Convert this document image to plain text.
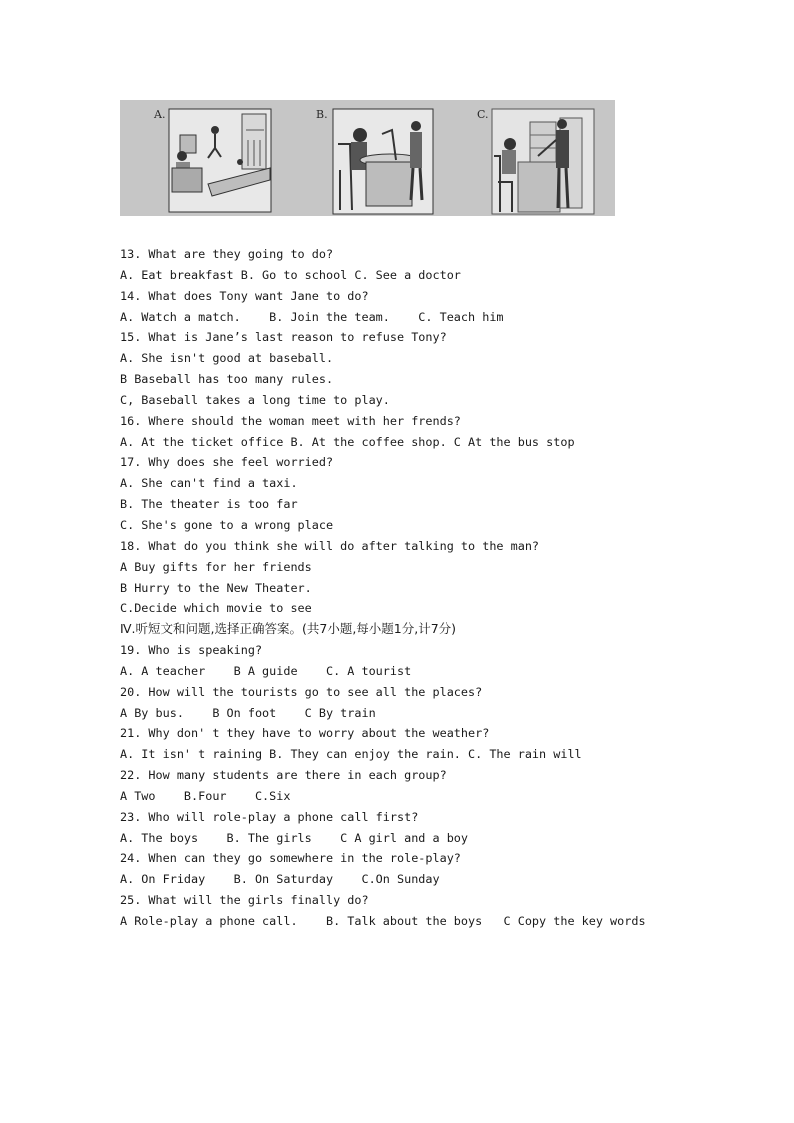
A.	B.	C.
13. What are they going to do?
A. Eat breakfast B. Go to school C. See a doctor
14. What does Tony want Jane to do?
A. Watch a match.    B. Join the team.    C. Teach him
15. What is Jane’s last reason to refuse Tony?
A. She isn't good at baseball.
B Baseball has too many rules.
C, Baseball takes a long time to play.
16. Where should the woman meet with her frends?
A. At the ticket office B. At the coffee shop. C At the bus stop
17. Why does she feel worried?
A. She can't find a taxi.
B. The theater is too far
C. She's gone to a wrong place
18. What do you think she will do after talking to the man?
A Buy gifts for her friends
B Hurry to the New Theater.
C.Decide which movie to see
Ⅳ.听短文和问题,选择正确答案。(共7小题,每小题1分,计7分)
19. Who is speaking?
A. A teacher    B A guide    C. A tourist
20. How will the tourists go to see all the places?
A By bus.    B On foot    C By train
21. Why don' t they have to worry about the weather?
A. It isn' t raining B. They can enjoy the rain. C. The rain will
22. How many students are there in each group?
A Two    B.Four    C.Six
23. Who will role-play a phone call first?
A. The boys    B. The girls    C A girl and a boy
24. When can they go somewhere in the role-play?
A. On Friday    B. On Saturday    C.On Sunday
25. What will the girls finally do?
A Role-play a phone call.    B. Talk about the boys   C Copy the key words
